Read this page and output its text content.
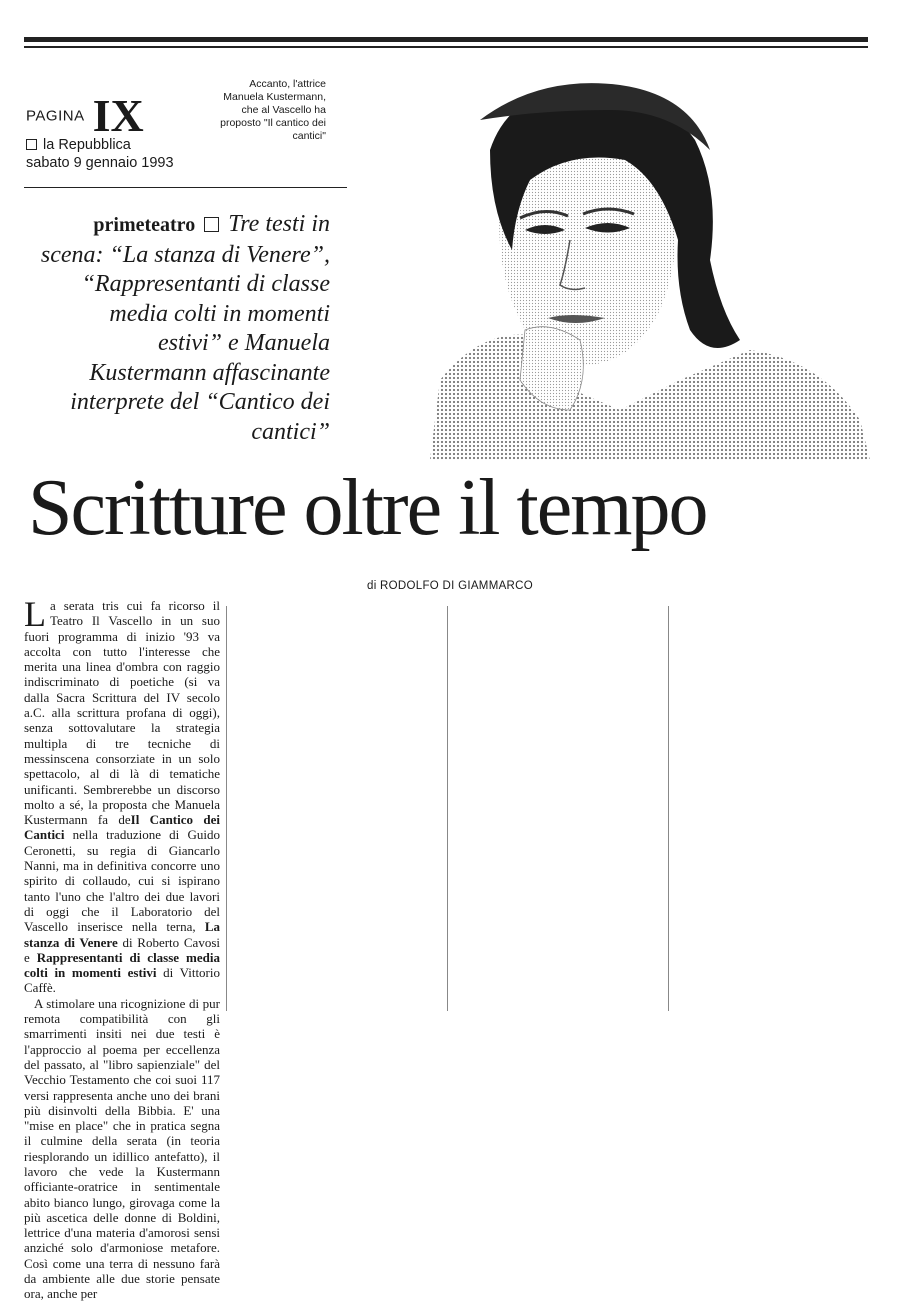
PAGINA IX
la Repubblica
sabato 9 gennaio 1993
Accanto, l'attrice Manuela Kustermann, che al Vascello ha proposto "Il cantico dei cantici"
primeteatro Tre testi in scena: “La stanza di Venere”, “Rappresentanti di classe media colti in momenti estivi” e Manuela Kustermann affascinante interprete del “Cantico dei cantici”
Scritture oltre il tempo
di RODOLFO DI GIAMMARCO

La serata tris cui fa ricorso il Teatro Il Vascello in un suo fuori programma di inizio '93 va accolta con tutto l'interesse che merita una linea d'ombra con raggio indiscriminato di poetiche (si va dalla Sacra Scrittura del IV secolo a.C. alla scrittura profana di oggi), senza sottovalutare la strategia multipla di tre tecniche di messinscena consorziate in un solo spettacolo, al di là di tematiche unificanti. Sembrerebbe un discorso molto a sé, la proposta che Manuela Kustermann fa deIl Cantico dei Cantici nella traduzione di Guido Ceronetti, su regia di Giancarlo Nanni, ma in definitiva concorre uno spirito di collaudo, cui si ispirano tanto l'uno che l'altro dei due lavori di oggi che il Laboratorio del Vascello inserisce nella terna, La stanza di Venere di Roberto Cavosi e Rappresentanti di classe media colti in momenti estivi di Vittorio Caffè.

A stimolare una ricognizione di pur remota compatibilità con gli smarrimenti insiti nei due testi è l'approccio al poema per eccellenza del passato, al "libro sapienziale" del Vecchio Testamento che coi suoi 117 versi rappresenta anche uno dei brani più disinvolti della Bibbia. E' una "mise en place" che in pratica segna il culmine della serata (in teoria riesplorando un idillico antefatto), il lavoro che vede la Kustermann officiante-oratrice in sentimentale abito bianco lungo, girovaga come la più ascetica delle donne di Boldini, lettrice d'una materia d'amorosi sensi anziché solo d'armoniose metafore. Così come una terra di nessuno farà da ambiente alle due storie pensate ora, anche per
